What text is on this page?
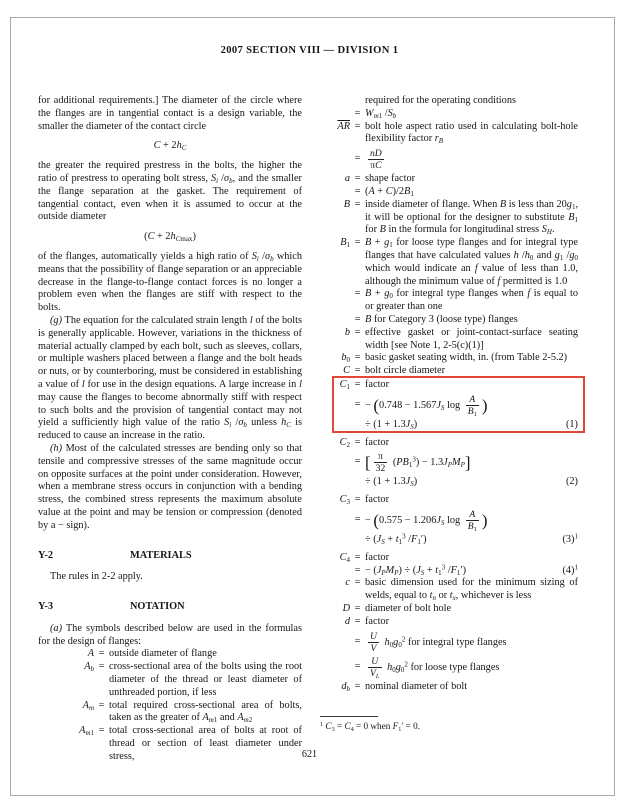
2007 SECTION VIII — DIVISION 1

for additional requirements.] The diameter of the circle where the flanges are in tangential contact is a design variable, the smaller the diameter of the contact circle

$C + 2h_C$

the greater the required prestress in the bolts, the higher the ratio of prestress to operating bolt stress, $S_i$ $/\sigma_b$, and the smaller the flange separation at the gasket. The requirement of tangential contact, even when it is assumed to occur at the outside diameter

$(C + 2h_{Cmax})$

of the flanges, automatically yields a high ratio of $S_i$ $/\sigma_b$ which means that the possibility of flange separation or an appreciable decrease in the flange-to-flange contact forces is no longer a problem even when the flanges are stiff with respect to the bolts.

(g) The equation for the calculated strain length l of the bolts is generally applicable. However, variations in the thickness of material actually clamped by each bolt, such as sleeves, collars, or multiple washers placed between a flange and the bolt heads or nuts, or by counterboring, must be considered in establishing a value of l for use in the design equations. A large increase in l may cause the flanges to become abnormally stiff with respect to such bolts and the provision of tangential contact may not yield a sufficiently high value of the ratio $S_i$ $/\sigma_b$ unless $h_C$ is reduced to cause an increase in the ratio.

(h) Most of the calculated stresses are bending only so that tensile and compressive stresses of the same magnitude occur on opposite surfaces at the point under consideration. However, when a membrane stress occurs in conjunction with a bending stress, the combined stress represents the maximum absolute value at the point and may be tension or compression (denoted by a − sign).

Y-2	MATERIALS

The rules in 2-2 apply.

Y-3	NOTATION

(a) The symbols described below are used in the formulas for the design of flanges:

A = outside diameter of flange
$A_b$ = cross-sectional area of the bolts using the root diameter of the thread or least diameter of unthreaded portion, if less
$A_m$ = total required cross-sectional area of bolts, taken as the greater of $A_{m1}$ and $A_{m2}$
$A_{m1}$ = total cross-sectional area of bolts at root of thread or section of least diameter under stress,
required for the operating conditions
= $W_{m1}$ $/S_b$
$\overline{AR}$ = bolt hole aspect ratio used in calculating bolt-hole flexibility factor $r_B$
= $\frac{nD}{\pi C}$
a = shape factor
= $(A + C)/2B_1$
B = inside diameter of flange. When B is less than $20g_1$, it will be optional for the designer to substitute $B_1$ for B in the formula for longitudinal stress $S_H$.
$B_1 = B + g_1$ for loose type flanges and for integral type flanges that have calculated values h $/h_0$ and $g_1$ $/g_0$ which would indicate an f value of less than 1.0, although the minimum value of f permitted is 1.0
= $B + g_0$ for integral type flanges when f is equal to or greater than one
= B for Category 3 (loose type) flanges
b = effective gasket or joint-contact-surface seating width [see Note 1, 2-5(c)(1)]
$b_0$ = basic gasket seating width, in. (from Table 2-5.2)
C = bolt circle diameter
$C_1$ = factor
= − ($0.748 - 1.567J_S$ $\log \frac{A}{B_1}$ )
÷ $(1 + 1.3J_S)$	(1)
$C_2$ = factor
= [ $\frac{\pi}{32} (PB_1^3) - 1.3J_PM_P$]
÷ $(1 + 1.3J_S)$	(2)
$C_3$ = factor
= − ($0.575 - 1.206J_S$ $\log \frac{A}{B_1}$ )
÷ ($J_S + t_1^3$ $/F_1'$)	$(3)^1$
$C_4$ = factor
= − $(J_PM_P) \div (J_S + t_1^3$ $/F_1'$)	$(4)^1$
c = basic dimension used for the minimum sizing of welds, equal to $t_n$ or $t_x$, whichever is less
D = diameter of bolt hole
d = factor
= $\frac{U}{V} h_0g_0^2$ for integral type flanges
= $\frac{U}{V_L} h_0g_0^2$ for loose type flanges
$d_b$ = nominal diameter of bolt
$^1$ $C_3 = C_4 = 0$ when $F_1' = 0$.
621
